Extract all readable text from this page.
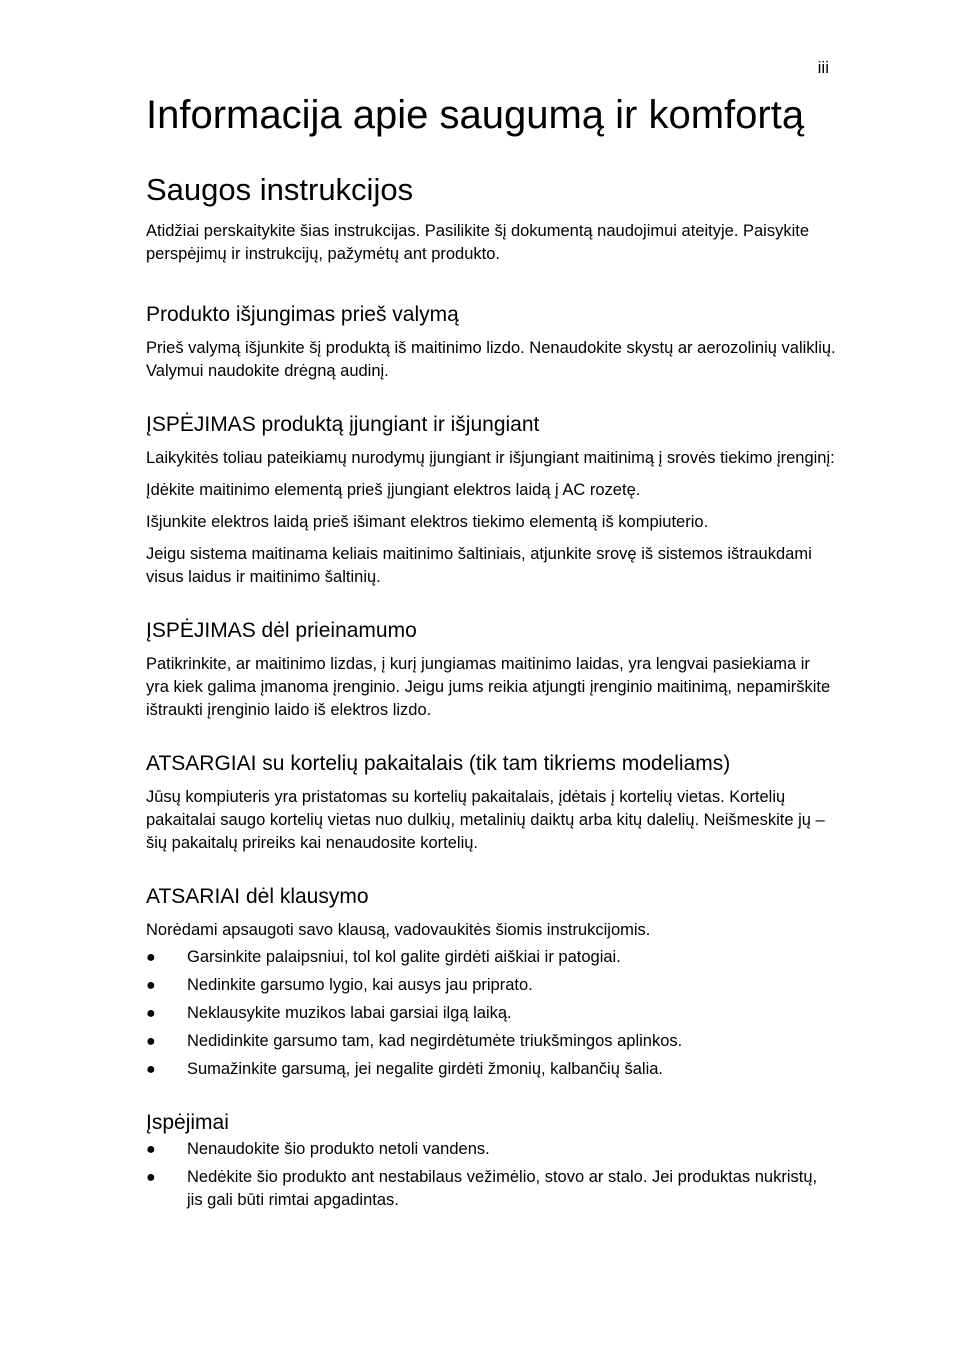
iii
Informacija apie saugumą ir komfortą
Saugos instrukcijos

Atidžiai perskaitykite šias instrukcijas. Pasilikite šį dokumentą naudojimui ateityje. Paisykite perspėjimų ir instrukcijų, pažymėtų ant produkto.

Produkto išjungimas prieš valymą

Prieš valymą išjunkite šį produktą iš maitinimo lizdo. Nenaudokite skystų ar aerozolinių valiklių. Valymui naudokite drėgną audinį.

ĮSPĖJIMAS produktą įjungiant ir išjungiant

Laikykitės toliau pateikiamų nurodymų įjungiant ir išjungiant maitinimą į srovės tiekimo įrenginį:

Įdėkite maitinimo elementą prieš įjungiant elektros laidą į AC rozetę.

Išjunkite elektros laidą prieš išimant elektros tiekimo elementą iš kompiuterio.

Jeigu sistema maitinama keliais maitinimo šaltiniais, atjunkite srovę iš sistemos ištraukdami visus laidus ir maitinimo šaltinių.

ĮSPĖJIMAS dėl prieinamumo

Patikrinkite, ar maitinimo lizdas, į kurį jungiamas maitinimo laidas, yra lengvai pasiekiama ir yra kiek galima įmanoma įrenginio. Jeigu jums reikia atjungti įrenginio maitinimą, nepamirškite ištraukti įrenginio laido iš elektros lizdo.

ATSARGIAI su kortelių pakaitalais (tik tam tikriems modeliams)

Jūsų kompiuteris yra pristatomas su kortelių pakaitalais, įdėtais į kortelių vietas. Kortelių pakaitalai saugo kortelių vietas nuo dulkių, metalinių daiktų arba kitų dalelių. Neišmeskite jų – šių pakaitalų prireiks kai nenaudosite kortelių.

ATSARIAI dėl klausymo

Norėdami apsaugoti savo klausą, vadovaukitės šiomis instrukcijomis.

● Garsinkite palaipsniui, tol kol galite girdėti aiškiai ir patogiai.
● Nedinkite garsumo lygio, kai ausys jau priprato.
● Neklausykite muzikos labai garsiai ilgą laiką.
● Nedidinkite garsumo tam, kad negirdėtumėte triukšmingos aplinkos.
● Sumažinkite garsumą, jei negalite girdėti žmonių, kalbančių šalia.
Įspėjimai
● Nenaudokite šio produkto netoli vandens.
● Nedėkite šio produkto ant nestabilaus vežimėlio, stovo ar stalo. Jei produktas nukristų, jis gali būti rimtai apgadintas.
